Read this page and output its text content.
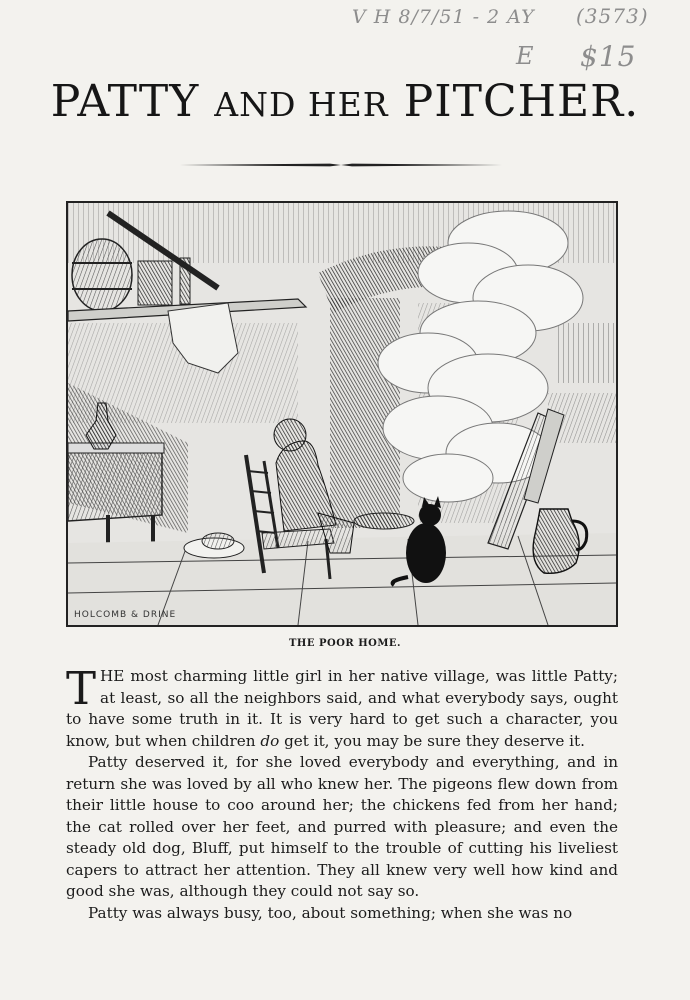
V H 8/7/51 - 2 AY (3573)
E $15
PATTY AND HER PITCHER.
HOLCOMB & DRINE
THE POOR HOME.

THE most charming little girl in her native village, was little Patty; at least, so all the neighbors said, and what everybody says, ought to have some truth in it. It is very hard to get such a character, you know, but when children do get it, you may be sure they deserve it.

Patty deserved it, for she loved everybody and everything, and in return she was loved by all who knew her. The pigeons flew down from their little house to coo around her; the chickens fed from her hand; the cat rolled over her feet, and purred with pleasure; and even the steady old dog, Bluff, put himself to the trouble of cutting his liveliest capers to attract her attention. They all knew very well how kind and good she was, although they could not say so.

Patty was always busy, too, about something; when she was no
